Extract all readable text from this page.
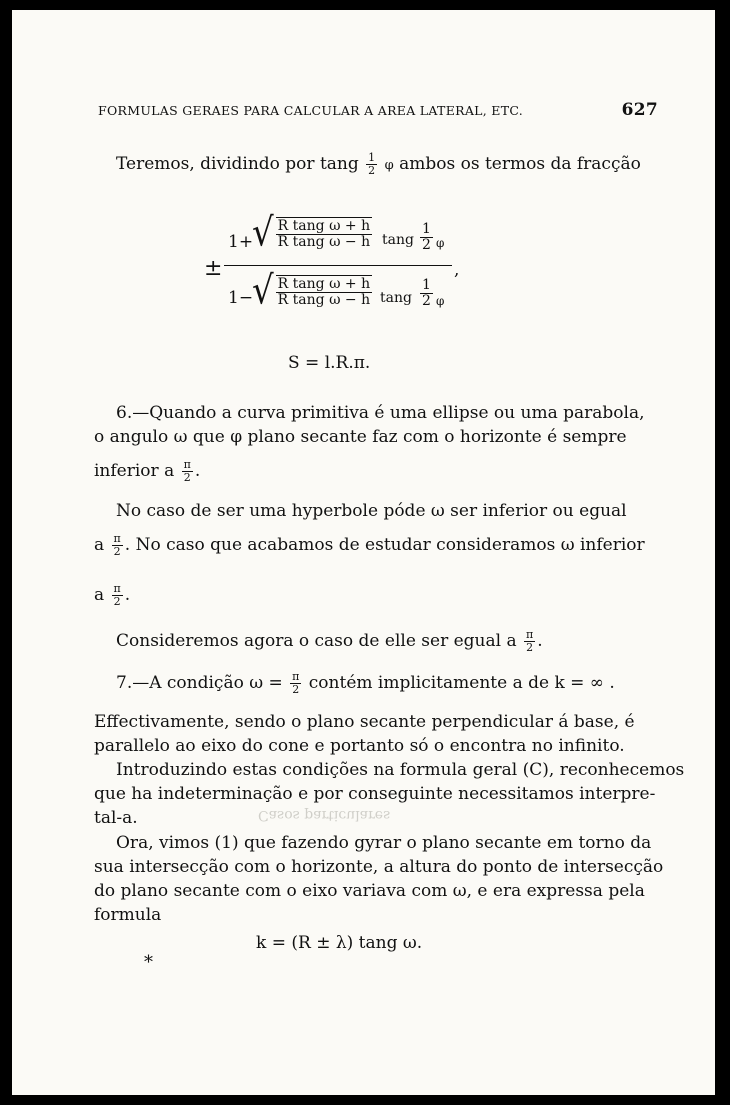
FORMULAS GERAES PARA CALCULAR A AREA LATERAL, ETC.	627
Teremos, dividindo por tang $\frac{1}{2}$ φ ambos os termos da fracção
±
1+
√ $\frac{\text{R tang ω + h}}{\text{R tang ω − h}}$ tang $\frac{1}{2}$ φ
,
1−
√ $\frac{\text{R tang ω + h}}{\text{R tang ω − h}}$ tang $\frac{1}{2}$ φ
S = l.R.π.
6.—Quando a curva primitiva é uma ellipse ou uma parabola,
o angulo ω que φ plano secante faz com o horizonte é sempre
inferior a $\frac{\pi}{2}$ .
No caso de ser uma hyperbole póde ω ser inferior ou egual
a $\frac{\pi}{2}$ . No caso que acabamos de estudar consideramos ω inferior
a $\frac{\pi}{2}$ .
Consideremos agora o caso de elle ser egual a $\frac{\pi}{2}$ .
7.—A condição $\omega = \frac{\pi}{2}$ contém implicitamente a de k = ∞ .
Effectivamente, sendo o plano secante perpendicular á base, é
parallelo ao eixo do cone e portanto só o encontra no infinito.
Introduzindo estas condições na formula geral (C), reconhecemos
que ha indeterminação e por conseguinte necessitamos interpre-
tal-a.	Casos particulares
Ora, vimos (1) que fazendo gyrar o plano secante em torno da
sua intersecção com o horizonte, a altura do ponto de intersecção
do plano secante com o eixo variava com ω, e era expressa pela
formula
k = (R ± λ) tang ω.
*
